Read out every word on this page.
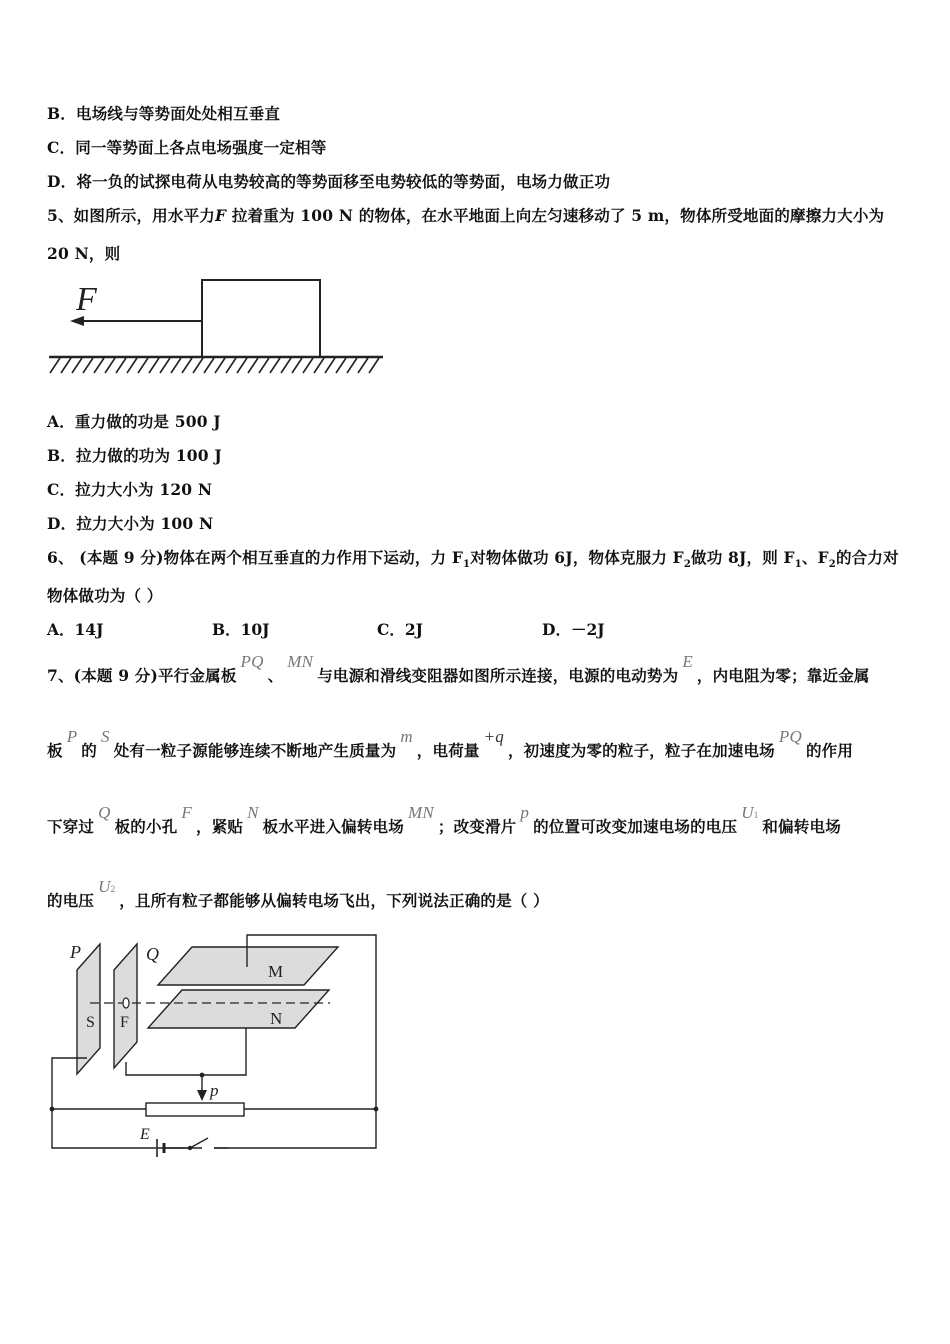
B．电场线与等势面处处相互垂直
C．同一等势面上各点电场强度一定相等
D．将一负的试探电荷从电势较高的等势面移至电势较低的等势面，电场力做正功
5、如图所示，用水平力F 拉着重为 100 N 的物体，在水平地面上向左匀速移动了 5 m，物体所受地面的摩擦力大小为
20 N，则
F
A．重力做的功是 500 J
B．拉力做的功为 100 J
C．拉力大小为 120 N
D．拉力大小为 100 N
6、 (本题 9 分)物体在两个相互垂直的力作用下运动，力 $F_1$对物体做功 6J，物体克服力 $F_2$做功 8J，则 $F_1$、$F_2$的合力对
物体做功为（ ）
A．14J	B．10J	C．2J	D．－2J
7、(本题 9 分)平行金属板PQ、MN与电源和滑线变阻器如图所示连接，电源的电动势为E，内电阻为零；靠近金属
板P的S处有一粒子源能够连续不断地产生质量为m，电荷量+q，初速度为零的粒子，粒子在加速电场PQ的作用
下穿过Q板的小孔F，紧贴N板水平进入偏转电场MN；改变滑片p的位置可改变加速电场的电压U1和偏转电场
的电压U2，且所有粒子都能够从偏转电场飞出，下列说法正确的是（ ）
P	Q
M
N
S F
p
E
